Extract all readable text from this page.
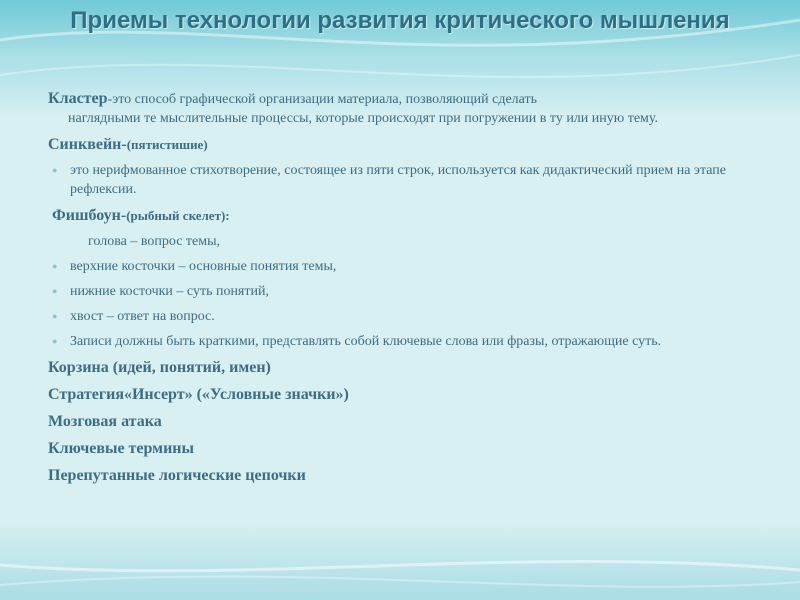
Приемы технологии развития критического мышления
Кластер-это способ графической организации материала, позволяющий сделать
наглядными те мыслительные процессы, которые происходят при погружении в ту или иную тему.
Синквейн-(пятистишие)
● это нерифмованное стихотворение, состоящее из пяти строк, используется как дидактический прием на этапе рефлексии.
Фишбоун-(рыбный скелет):
голова – вопрос темы,
● верхние косточки – основные понятия темы,
● нижние косточки – суть понятий,
● хвост – ответ на вопрос.
● Записи должны быть краткими, представлять собой ключевые слова или фразы, отражающие суть.
Корзина (идей, понятий, имен)
Стратегия«Инсерт» («Условные значки»)
Мозговая атака
Ключевые термины
Перепутанные логические цепочки
